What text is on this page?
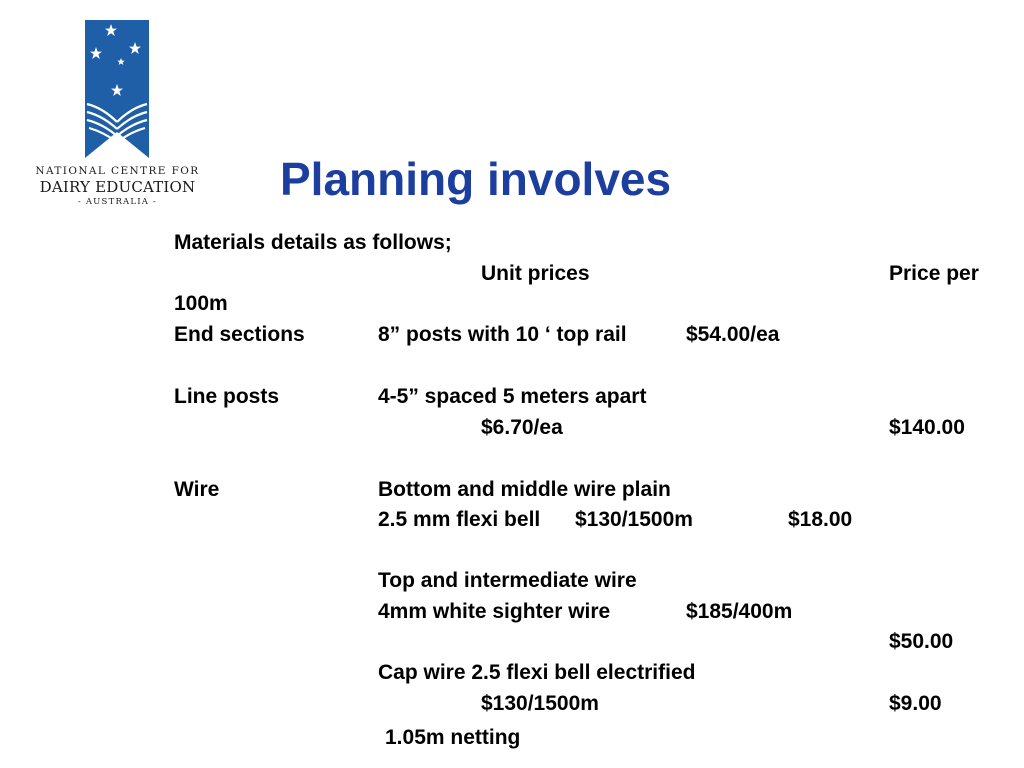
NATIONAL CENTRE FOR
DAIRY EDUCATION
- AUSTRALIA -	Planning involves
Materials details as follows;
Unit prices	Price per
100m
End sections	8” posts with 10 ‘ top rail	$54.00/ea
Line posts	4-5” spaced 5 meters apart
$6.70/ea	$140.00
Wire	Bottom and middle wire plain
2.5 mm flexi bell $130/1500m	$18.00
Top and intermediate wire
4mm white sighter wire	$185/400m
$50.00
Cap wire 2.5 flexi bell electrified
$130/1500m	$9.00
1.05m netting
